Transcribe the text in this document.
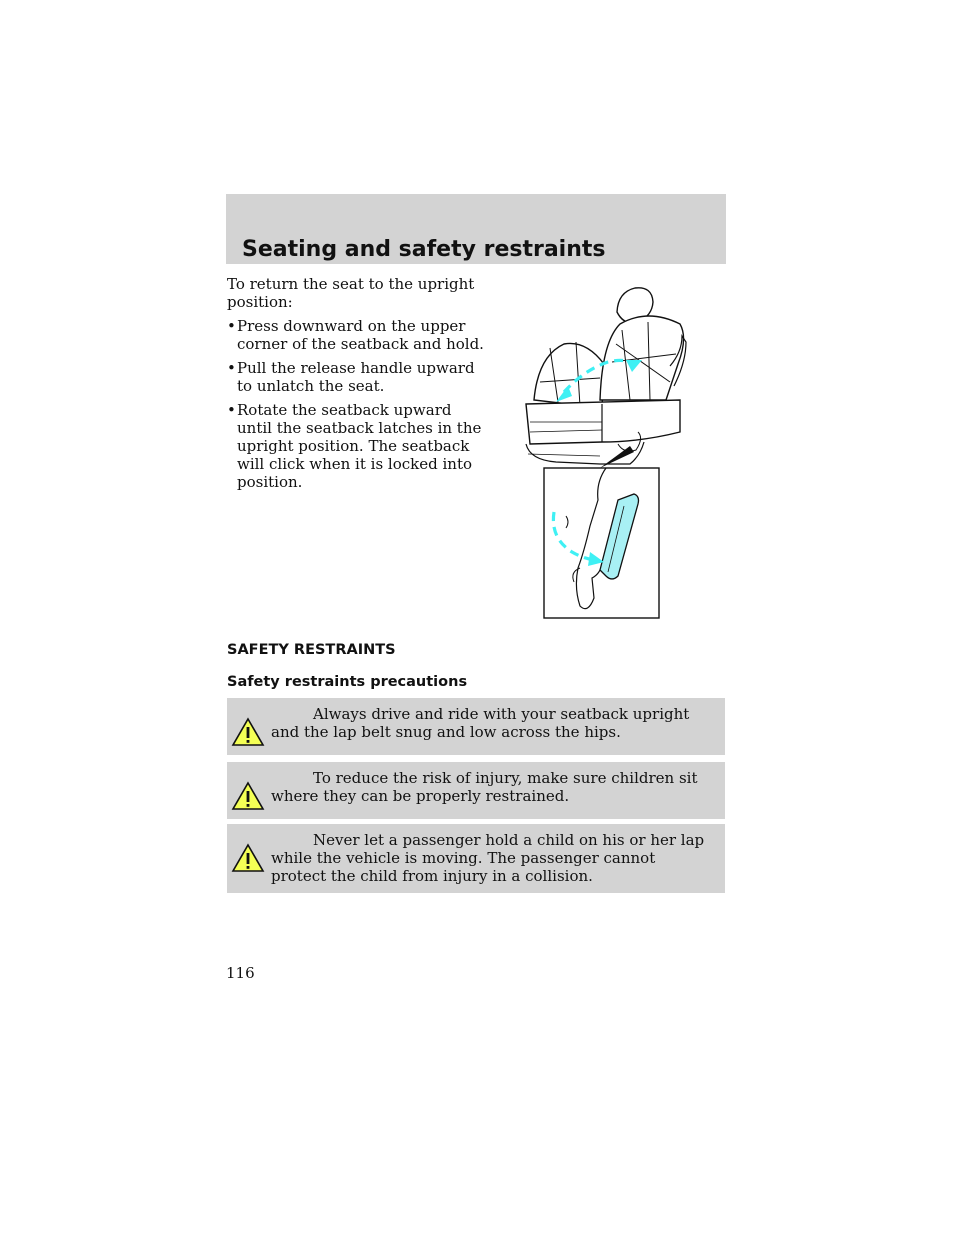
Seating and safety restraints

To return the seat to the upright position:

• Press downward on the upper corner of the seatback and hold.
• Pull the release handle upward to unlatch the seat.
• Rotate the seatback upward until the seatback latches in the upright position. The seatback will click when it is locked into position.
SAFETY RESTRAINTS
Safety restraints precautions

Always drive and ride with your seatback upright and the lap belt snug and low across the hips.

To reduce the risk of injury, make sure children sit where they can be properly restrained.

Never let a passenger hold a child on his or her lap while the vehicle is moving. The passenger cannot protect the child from injury in a collision.

116
